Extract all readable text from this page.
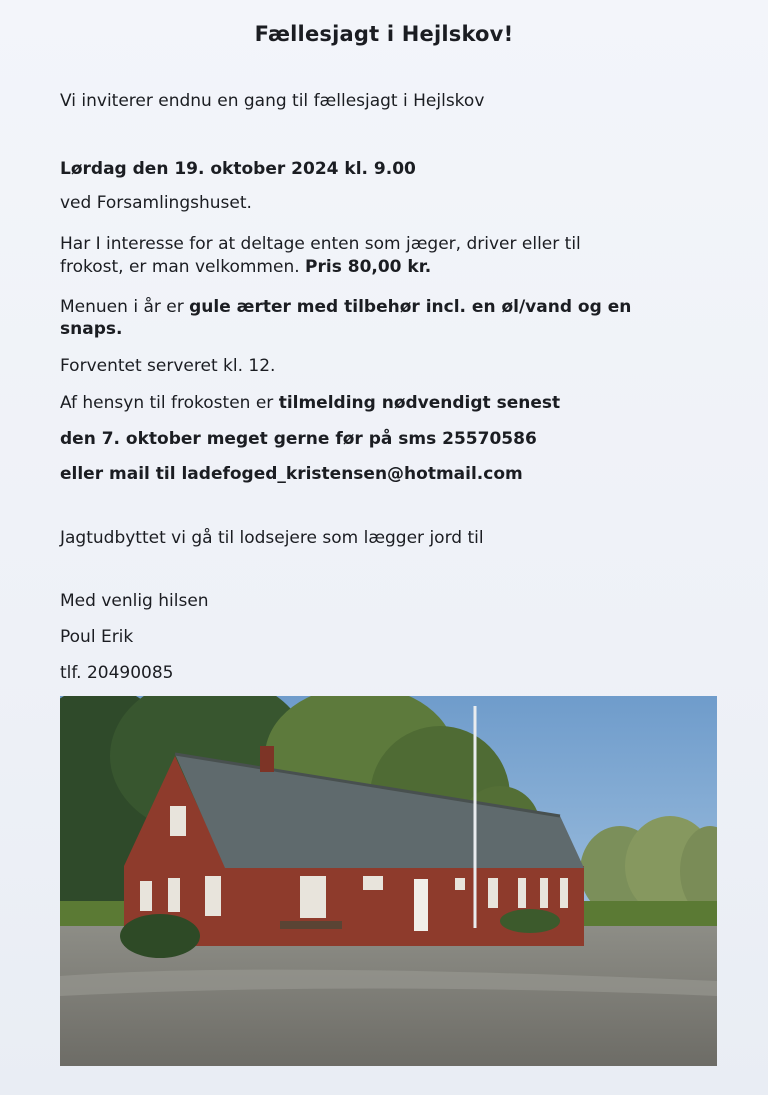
Fællesjagt i Hejlskov!
Vi inviterer endnu en gang til fællesjagt i Hejlskov
Lørdag den 19. oktober 2024 kl. 9.00
ved Forsamlingshuset.
Har I interesse for at deltage enten som jæger, driver eller til
frokost, er man velkommen. Pris 80,00 kr.
Menuen i år er gule ærter med tilbehør incl. en øl/vand og en
snaps.
Forventet serveret kl. 12.
Af hensyn til frokosten er tilmelding nødvendigt senest
den 7. oktober meget gerne før på sms 25570586
eller mail til ladefoged_kristensen@hotmail.com
Jagtudbyttet vi gå til lodsejere som lægger jord til
Med venlig hilsen
Poul Erik
tlf. 20490085
